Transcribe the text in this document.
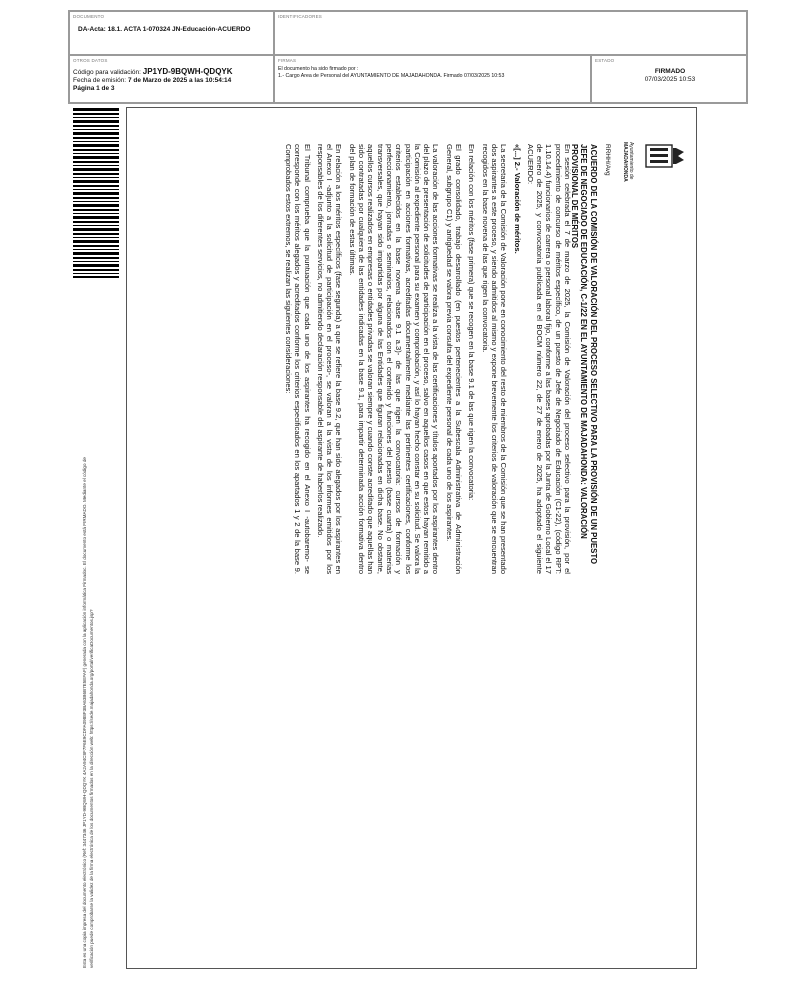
DOCUMENTO
DA-Acta: 18.1. ACTA 1-070324 JN-Educación-ACUERDO
IDENTIFICADORES
OTROS DATOS
Código para validación: JP1YD-9BQWH-QDQYK
Fecha de emisión: 7 de Marzo de 2025 a las 10:54:14
Página 1 de 3
FIRMAS
El documento ha sido firmado por :
1.- Cargo Area de Personal del AYUNTAMIENTO DE MAJADAHONDA. Firmado 07/03/2025 10:53
ESTADO
FIRMADO
07/03/2025 10:53
Esta es una copia impresa del documento electrónico (Ref: 3447346 JP1YD-9BQWH-QDQYK 4A2A94C8F7F6E9CDFA0988F3BA63B6B7E5EFAF) generada con la aplicación informática Firmadoc. El documento está FIRMADO. Mediante el código de verificación puede comprobarse la validez de la firma electrónica de los documentos firmados en la dirección web: https://sede.majadahonda.org/portal/verificaDocumentos.jsp?
Ayuntamiento de
MAJADAHONDA
RRHH/Avg
ACUERDO DE LA COMISIÓN DE VALORACIÓN DEL PROCESO SELECTIVO PARA LA PROVISIÓN DE UN PUESTO JEFE DE NEGOCIADO DE EDUCACIÓN, C-1/22 EN EL AYUNTAMIENTO DE MAJADAHONDA: VALORACIÓN PROVISIONAL DE MÉRITOS

En sesión celebrada el 7 de marzo de 2025, la Comisión de Valoración del proceso selectivo para la provisión, por el procedimiento de concurso de méritos específico, de un puesto de Jefe de Negociado de Educación (C1-22), (código RPT: 1.10.14.4) funcionarios de carrera o personal laboral fijo, conforme a las bases aprobadas por la Junta de Gobierno Local el 17 de enero de 2025, y convocatoria publicada en el BOCM número 22, de 27 de enero de 2025, ha adoptado el siguiente ACUERDO:

«[...] 2.- Valoración de méritos.

La secretaria de la Comisión de Valoración pone en conocimiento del resto de miembros de la Comisión que se han presentado dos aspirantes a este proceso, y siendo admitidos al mismo y expone brevemente los criterios de valoración que se encuentran recogidos en la base novena de las que rigen la convocatoria.

En relación con los méritos (fase primera) que se recogen en la base 9.1 de las que rigen la convocatoria:

El grado consolidado, trabajo desarrollado (en puestos pertenecientes a la Subescala Administrativa de Administración General, subgrupo C1) y antigüedad se valora previa consulta del expediente personal de cada uno de los aspirantes.

La valoración de las acciones formativas se realiza a la vista de las certificaciones y títulos aportados por los aspirantes dentro del plazo de presentación de solicitudes de participación en el proceso, salvo en aquellos casos en que estos hayan remitido a la Comisión al expediente personal para su examen y comprobación, y así lo hayan hecho constar en su solicitud. Se valora la participación en acciones formativas, acreditadas documentalmente mediante las pertinentes certificaciones, conforme los criterios establecidos en la base novena -base 9.1 a.3)- de las que rigen la convocatoria: cursos de formación y perfeccionamiento, jornadas o seminarios, relacionados con el contenido y funciones del puesto (base cuarta) o materias transversales, que hayan sido impartidas por alguna de las Entidades que figuran relacionadas en dicha base. No obstante, aquellos cursos realizados en empresas o entidades privadas se valoran siempre y cuando conste acreditado que aquellas han sido contratadas por cualquiera de las entidades indicadas en la base 9.1, para impartir determinada acción formativa dentro del plan de formación de estas últimas.

En relación a los méritos específicos (fase segunda) a que se refiere la base 9.2, que han sido alegados por los aspirantes en el Anexo I -adjunto a la solicitud de participación en el proceso-, se valoran a la vista de los informes emitidos por los responsables de los diferentes servicios, no admitiendo declaración responsable del aspirante de haberlos realizado.

El Tribunal comprueba que la puntuación que cada uno de los aspirantes ha recogido en el Anexo I -autobaremo- se corresponde con los méritos alegados y acreditados conforme los criterios especificados en los apartados 1 y 2 de la base 9. Comprobados estos extremos, se realizan las siguientes consideraciones:
